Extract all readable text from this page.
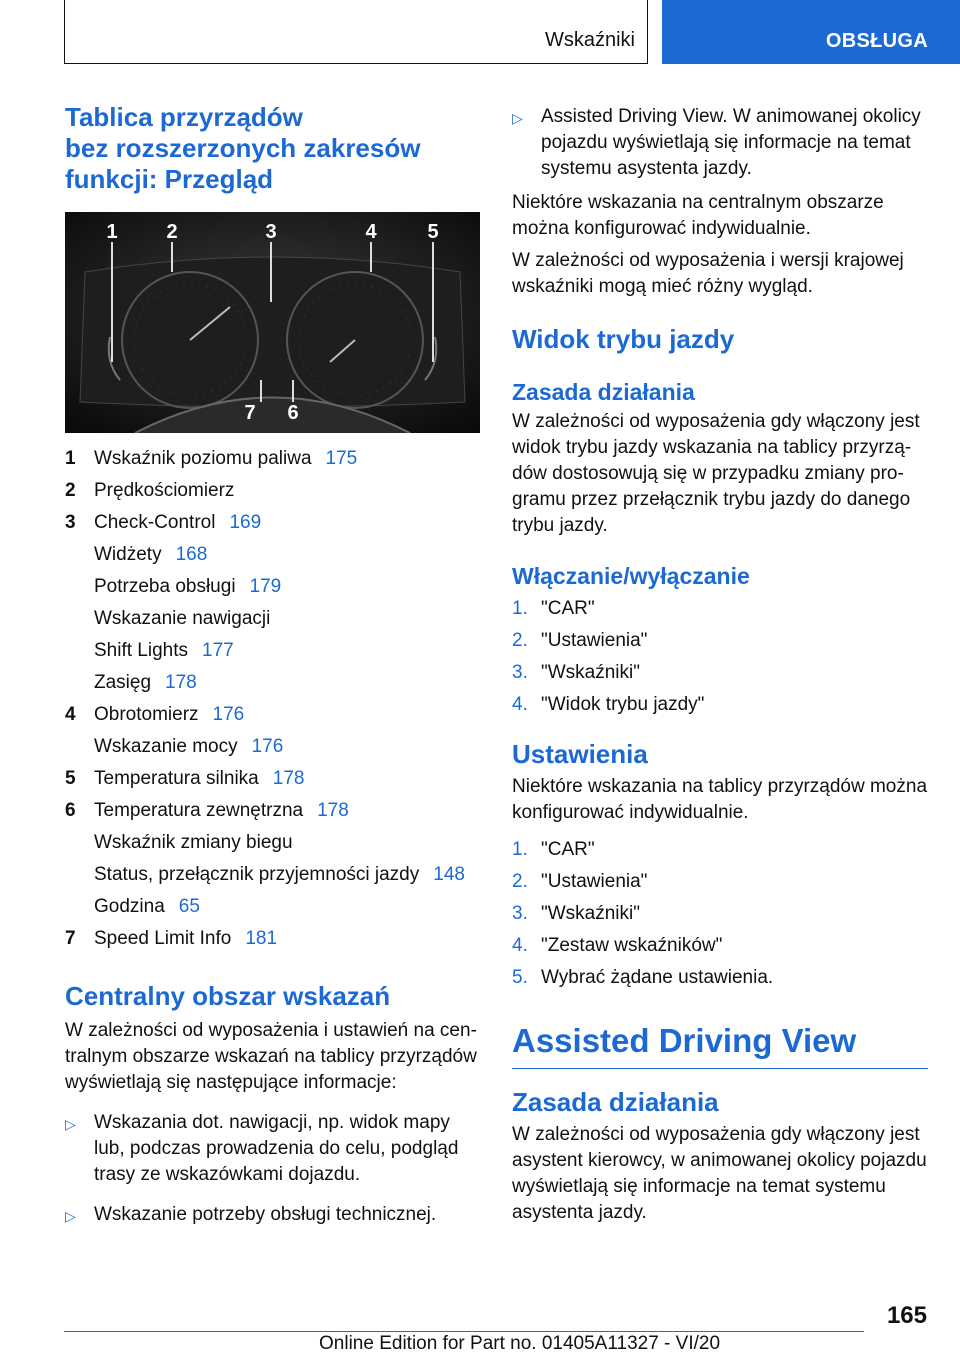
Wskaźniki	OBSŁUGA
Tablica przyrządów
bez rozszerzonych zakresów
funkcji: Przegląd
1 2	3	4	5
7 6
1 Wskaźnik poziomu paliwa 175
2 Prędkościomierz
3 Check-Control 169
Widżety 168
Potrzeba obsługi 179
Wskazanie nawigacji
Shift Lights 177
Zasięg 178
4 Obrotomierz 176
Wskazanie mocy 176
5 Temperatura silnika 178
6 Temperatura zewnętrzna 178
Wskaźnik zmiany biegu
Status, przełącznik przyjemności jazdy 148
Godzina 65
7 Speed Limit Info 181
Centralny obszar wskazań

W zależności od wyposażenia i ustawień na centralnym obszarze wskazań na tablicy przyrządów wyświetlają się następujące informacje:

▷ Wskazania dot. nawigacji, np. widok mapy lub, podczas prowadzenia do celu, podgląd trasy ze wskazówkami dojazdu.
▷ Wskazanie potrzeby obsługi technicznej.
▷ Assisted Driving View. W animowanej okolicy pojazdu wyświetlają się informacje na temat systemu asystenta jazdy.

Niektóre wskazania na centralnym obszarze można konfigurować indywidualnie.

W zależności od wyposażenia i wersji krajowej wskaźniki mogą mieć różny wygląd.

Widok trybu jazdy
Zasada działania

W zależności od wyposażenia gdy włączony jest widok trybu jazdy wskazania na tablicy przyrządów dostosowują się w przypadku zmiany programu przez przełącznik trybu jazdy do danego trybu jazdy.

Włączanie/wyłączanie
1. "CAR"
2. "Ustawienia"
3. "Wskaźniki"
4. "Widok trybu jazdy"
Ustawienia

Niektóre wskazania na tablicy przyrządów można konfigurować indywidualnie.

1. "CAR"
2. "Ustawienia"
3. "Wskaźniki"
4. "Zestaw wskaźników"
5. Wybrać żądane ustawienia.
Assisted Driving View
Zasada działania

W zależności od wyposażenia gdy włączony jest asystent kierowcy, w animowanej okolicy pojazdu wyświetlają się informacje na temat systemu asystenta jazdy.

165
Online Edition for Part no. 01405A11327 - VI/20
